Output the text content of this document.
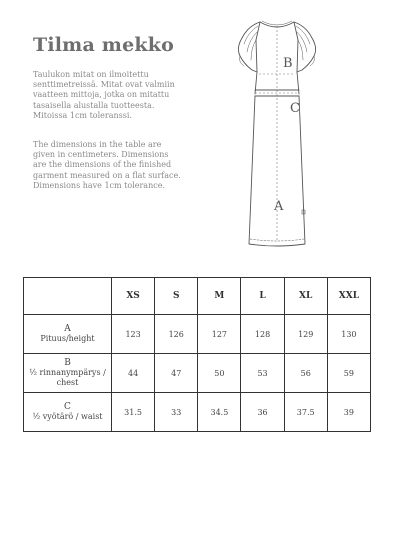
Tilma mekko

Taulukon mitat on ilmoitettu senttimetreissä. Mitat ovat valmiin vaatteen mittoja, jotka on mitattu tasaisella alustalla tuotteesta. Mitoissa 1cm toleranssi.

The dimensions in the table are given in centimeters. Dimensions are the dimensions of the finished garment measured on a flat surface. Dimensions have 1cm tolerance.

B
C
A
	XS	S	M	L	XL	XXL

A
Pituus/height	123	126	127	128	129	130

B
½ rinnanympärys / chest	44	47	50	53	56	59

C
½ vyötärö / waist	31.5	33	34.5	36	37.5	39
